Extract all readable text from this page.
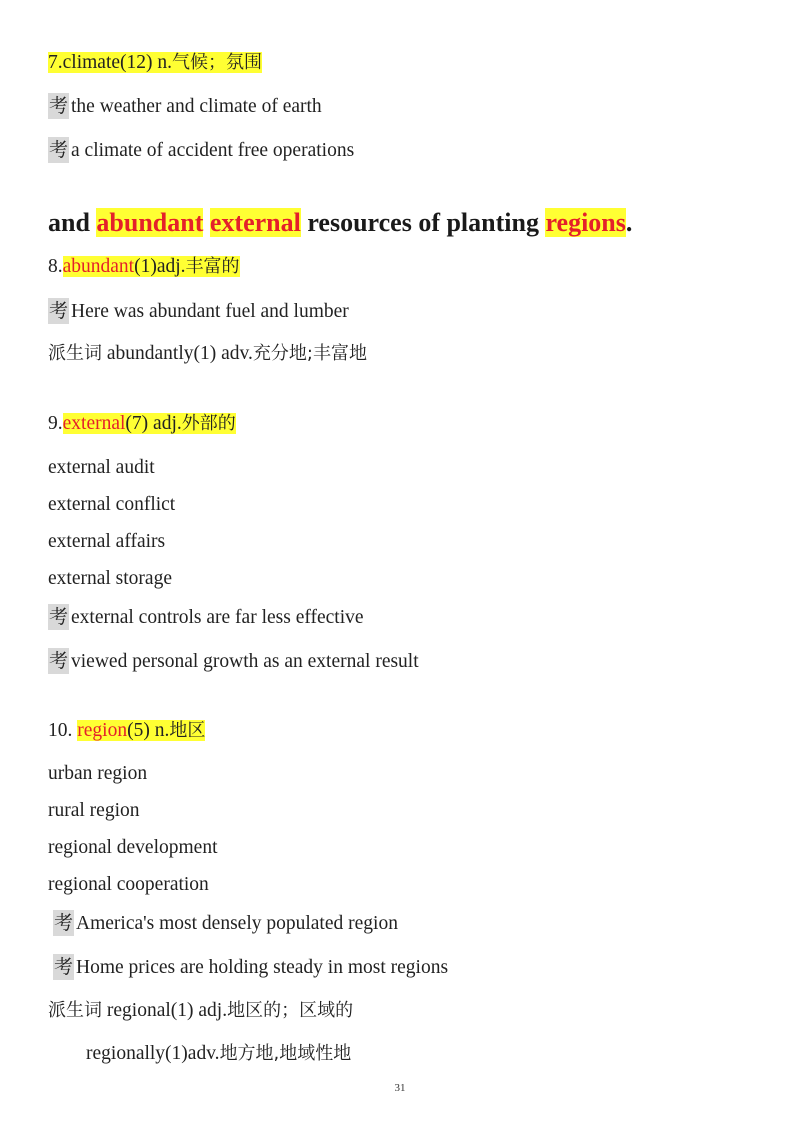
7.climate(12) n.气候；氛围
考 the weather and climate of earth
考 a climate of accident free operations
and abundant external resources of planting regions.
8.abundant(1)adj.丰富的
考 Here was abundant fuel and lumber
派生词 abundantly(1) adv.充分地;丰富地
9.external(7) adj.外部的
external audit
external conflict
external affairs
external storage
考 external controls are far less effective
考 viewed personal growth as an external result
10. region(5) n.地区
urban region
rural region
regional development
regional cooperation
考 America's most densely populated region
考 Home prices are holding steady in most regions
派生词 regional(1) adj.地区的；区域的
regionally(1)adv.地方地,地域性地
31
